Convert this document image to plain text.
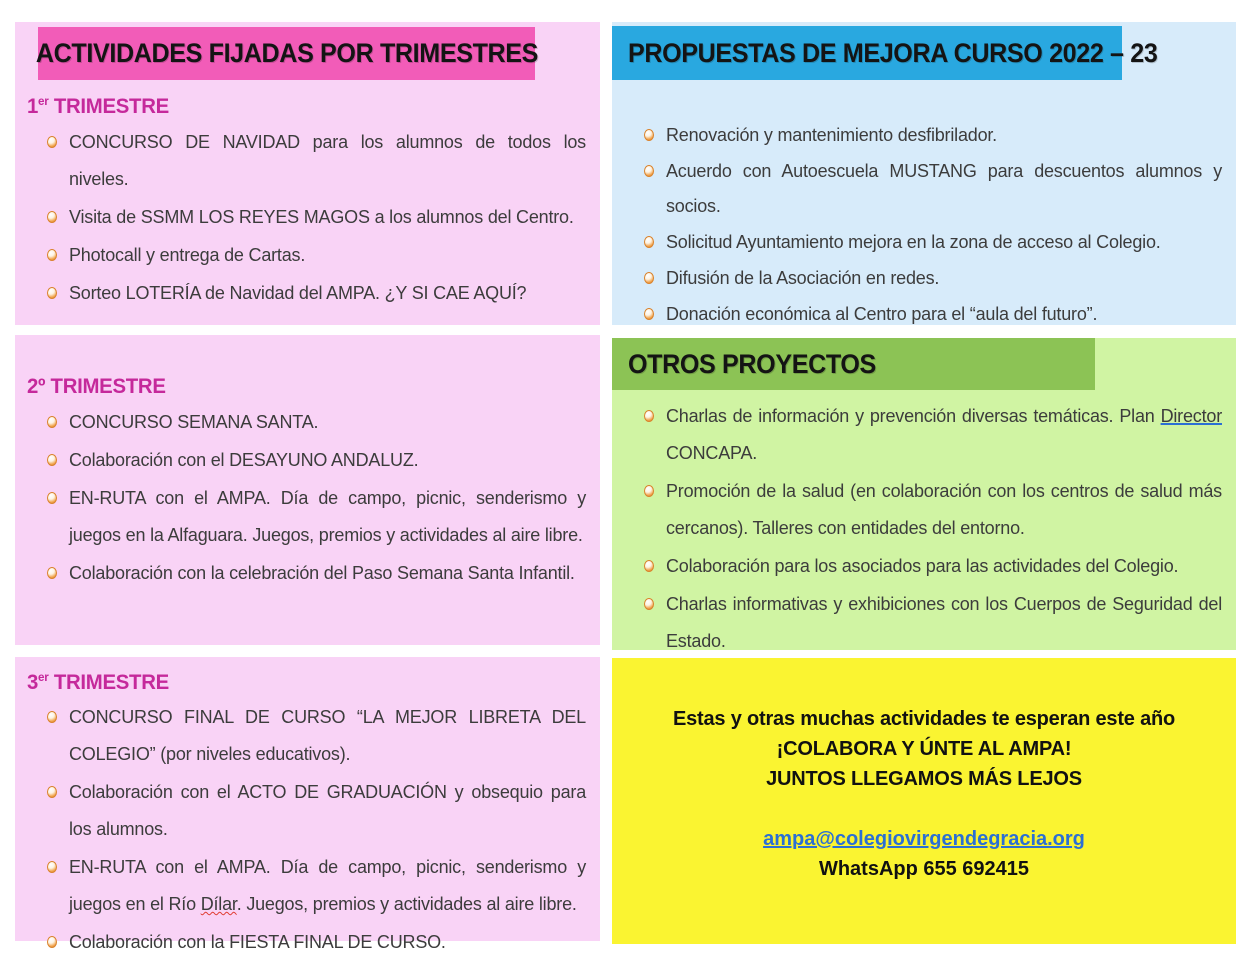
ACTIVIDADES FIJADAS POR TRIMESTRES
1er TRIMESTRE
CONCURSO DE NAVIDAD para los alumnos de todos los niveles.
Visita de SSMM LOS REYES MAGOS a los alumnos del Centro.
Photocall y entrega de Cartas.
Sorteo LOTERÍA de Navidad del AMPA. ¿Y SI CAE AQUÍ?
2º TRIMESTRE
CONCURSO SEMANA SANTA.
Colaboración con el DESAYUNO ANDALUZ.
EN-RUTA con el AMPA. Día de campo, picnic, senderismo y juegos en la Alfaguara. Juegos, premios y actividades al aire libre.
Colaboración con la celebración del Paso Semana Santa Infantil.
3er TRIMESTRE
CONCURSO FINAL DE CURSO “LA MEJOR LIBRETA DEL COLEGIO” (por niveles educativos).
Colaboración con el ACTO DE GRADUACIÓN y obsequio para los alumnos.
EN-RUTA con el AMPA. Día de campo, picnic, senderismo y juegos en el Río Dílar. Juegos, premios y actividades al aire libre.
Colaboración con la FIESTA FINAL DE CURSO.
PROPUESTAS DE MEJORA CURSO 2022 – 23
Renovación y mantenimiento desfibrilador.
Acuerdo con Autoescuela MUSTANG para descuentos alumnos y socios.
Solicitud Ayuntamiento mejora en la zona de acceso al Colegio.
Difusión de la Asociación en redes.
Donación económica al Centro para el “aula del futuro”.
OTROS PROYECTOS
Charlas de información y prevención diversas temáticas. Plan Director CONCAPA.
Promoción de la salud (en colaboración con los centros de salud más cercanos). Talleres con entidades del entorno.
Colaboración para los asociados para las actividades del Colegio.
Charlas informativas y exhibiciones con los Cuerpos de Seguridad del Estado.
Estas y otras muchas actividades te esperan este año
¡COLABORA Y ÚNTE AL AMPA!
JUNTOS LLEGAMOS MÁS LEJOS
ampa@colegiovirgendegracia.org
WhatsApp 655 692415
